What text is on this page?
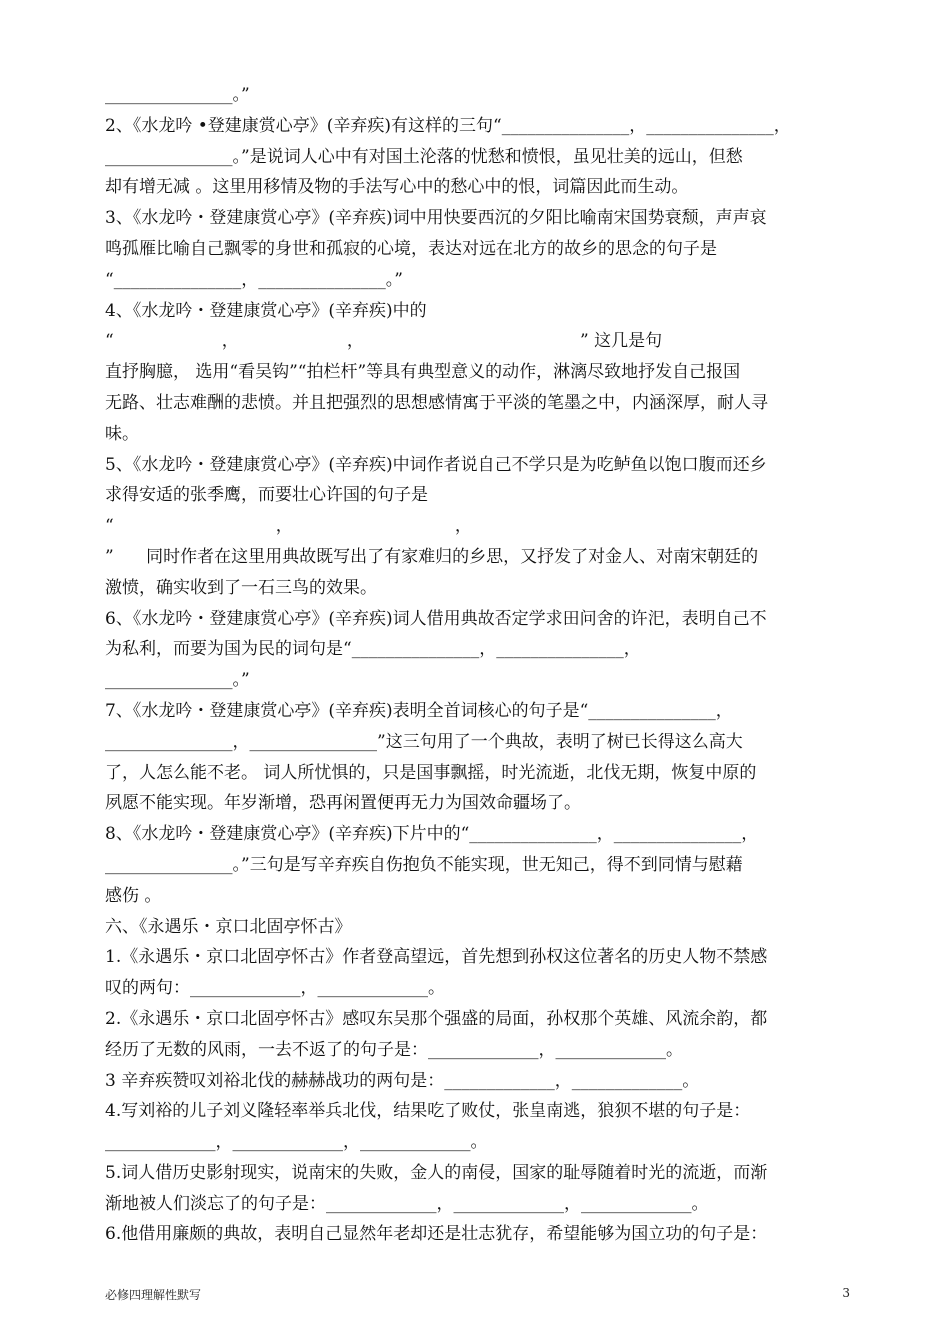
_______________。”
2、《水龙吟 •登建康赏心亭》(辛弃疾)有这样的三句“_______________，_______________，
_______________。”是说词人心中有对国土沦落的忧愁和愤恨，虽见壮美的远山，但愁
却有增无减 。这里用移情及物的手法写心中的愁心中的恨，词篇因此而生动。
3、《水龙吟・登建康赏心亭》(辛弃疾)词中用快要西沉的夕阳比喻南宋国势衰颓，声声哀
鸣孤雁比喻自己飘零的身世和孤寂的心境，表达对远在北方的故乡的思念的句子是
“_______________，_______________。”
4、《水龙吟・登建康赏心亭》(辛弃疾)中的
“                    ，                    ，                                        ” 这几是句
直抒胸臆， 选用“看吴钩”“拍栏杆”等具有典型意义的动作，淋漓尽致地抒发自己报国
无路、壮志难酬的悲愤。并且把强烈的思想感情寓于平淡的笔墨之中，内涵深厚，耐人寻
味。
5、《水龙吟・登建康赏心亭》(辛弃疾)中词作者说自己不学只是为吃鲈鱼以饱口腹而还乡
求得安适的张季鹰，而要壮心许国的句子是
“                              ，                              ，
”      同时作者在这里用典故既写出了有家难归的乡思，又抒发了对金人、对南宋朝廷的
激愤，确实收到了一石三鸟的效果。
6、《水龙吟・登建康赏心亭》(辛弃疾)词人借用典故否定学求田问舍的许汜，表明自己不
为私利，而要为国为民的词句是“_______________，_______________，
_______________。”
7、《水龙吟・登建康赏心亭》(辛弃疾)表明全首词核心的句子是“_______________，
_______________，_______________”这三句用了一个典故，表明了树已长得这么高大
了，人怎么能不老。 词人所忧惧的，只是国事飘摇，时光流逝，北伐无期，恢复中原的
夙愿不能实现。年岁渐增，恐再闲置便再无力为国效命疆场了。
8、《水龙吟・登建康赏心亭》(辛弃疾)下片中的“_______________，_______________，
_______________。”三句是写辛弃疾自伤抱负不能实现，世无知己，得不到同情与慰藉
感伤 。
六、《永遇乐・京口北固亭怀古》
1.《永遇乐・京口北固亭怀古》作者登高望远，首先想到孙权这位著名的历史人物不禁感
叹的两句：_____________，_____________。
2.《永遇乐・京口北固亭怀古》感叹东吴那个强盛的局面，孙权那个英雄、风流余韵，都
经历了无数的风雨，一去不返了的句子是：_____________，_____________。
3 辛弃疾赞叹刘裕北伐的赫赫战功的两句是：_____________，_____________。
4.写刘裕的儿子刘义隆轻率举兵北伐，结果吃了败仗，张皇南逃，狼狈不堪的句子是：
_____________，_____________，_____________。
5.词人借历史影射现实，说南宋的失败，金人的南侵，国家的耻辱随着时光的流逝，而渐
渐地被人们淡忘了的句子是：_____________，_____________，_____________。
6.他借用廉颇的典故，表明自己显然年老却还是壮志犹存，希望能够为国立功的句子是：
必修四理解性默写	3
